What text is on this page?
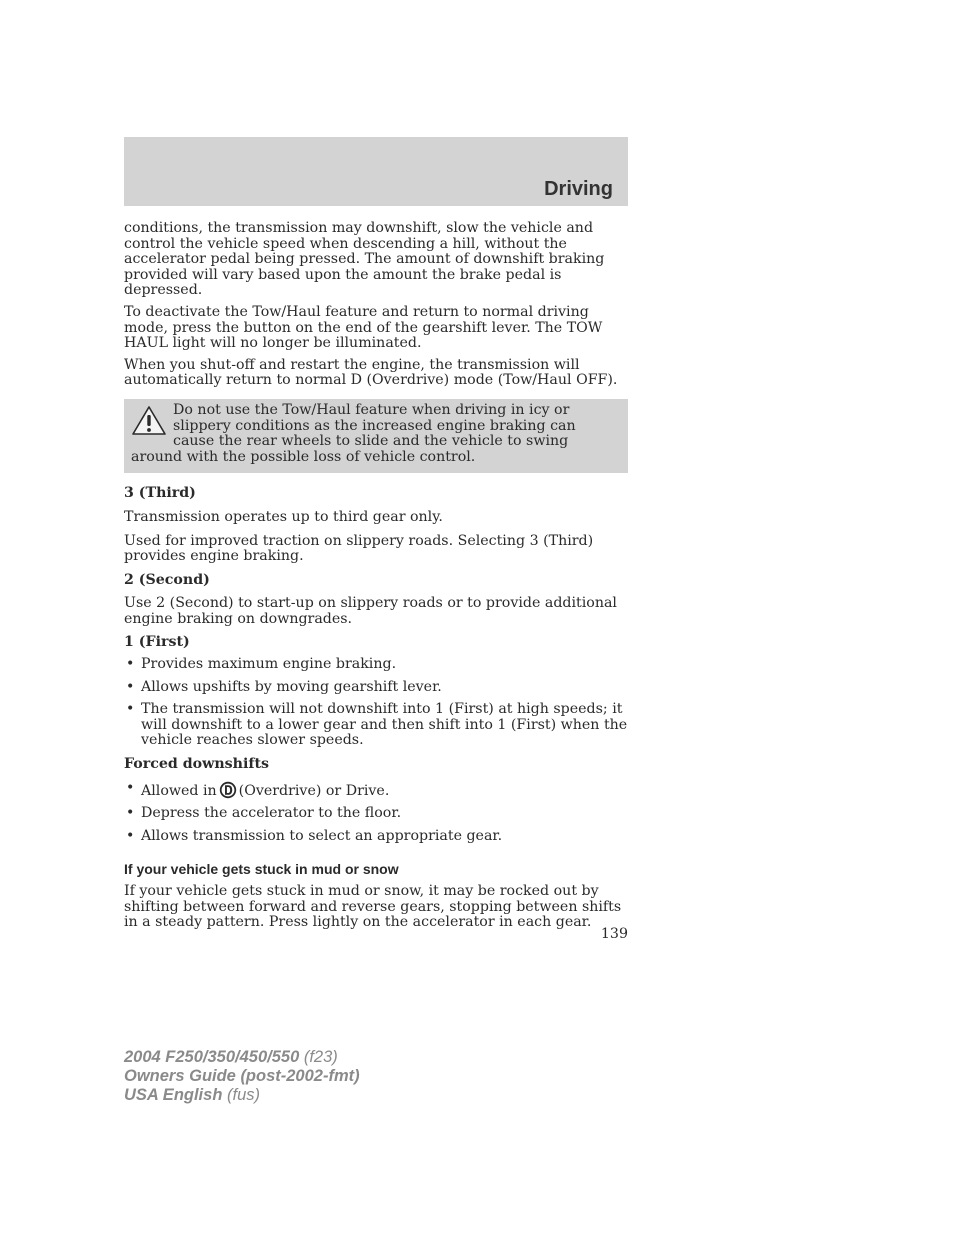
Driving

conditions, the transmission may downshift, slow the vehicle and control the vehicle speed when descending a hill, without the accelerator pedal being pressed. The amount of downshift braking provided will vary based upon the amount the brake pedal is depressed.

To deactivate the Tow/Haul feature and return to normal driving mode, press the button on the end of the gearshift lever. The TOW HAUL light will no longer be illuminated.

When you shut-off and restart the engine, the transmission will automatically return to normal D (Overdrive) mode (Tow/Haul OFF).

Do not use the Tow/Haul feature when driving in icy or slippery conditions as the increased engine braking can cause the rear wheels to slide and the vehicle to swing around with the possible loss of vehicle control.
3 (Third)

Transmission operates up to third gear only.

Used for improved traction on slippery roads. Selecting 3 (Third) provides engine braking.

2 (Second)

Use 2 (Second) to start-up on slippery roads or to provide additional engine braking on downgrades.

1 (First)
• Provides maximum engine braking.
• Allows upshifts by moving gearshift lever.
• The transmission will not downshift into 1 (First) at high speeds; it will downshift to a lower gear and then shift into 1 (First) when the vehicle reaches slower speeds.
Forced downshifts
• Allowed in (Overdrive) or Drive.
• Depress the accelerator to the floor.
• Allows transmission to select an appropriate gear.
If your vehicle gets stuck in mud or snow

If your vehicle gets stuck in mud or snow, it may be rocked out by shifting between forward and reverse gears, stopping between shifts in a steady pattern. Press lightly on the accelerator in each gear.

139
2004 F250/350/450/550 (f23)
Owners Guide (post-2002-fmt)
USA English (fus)
